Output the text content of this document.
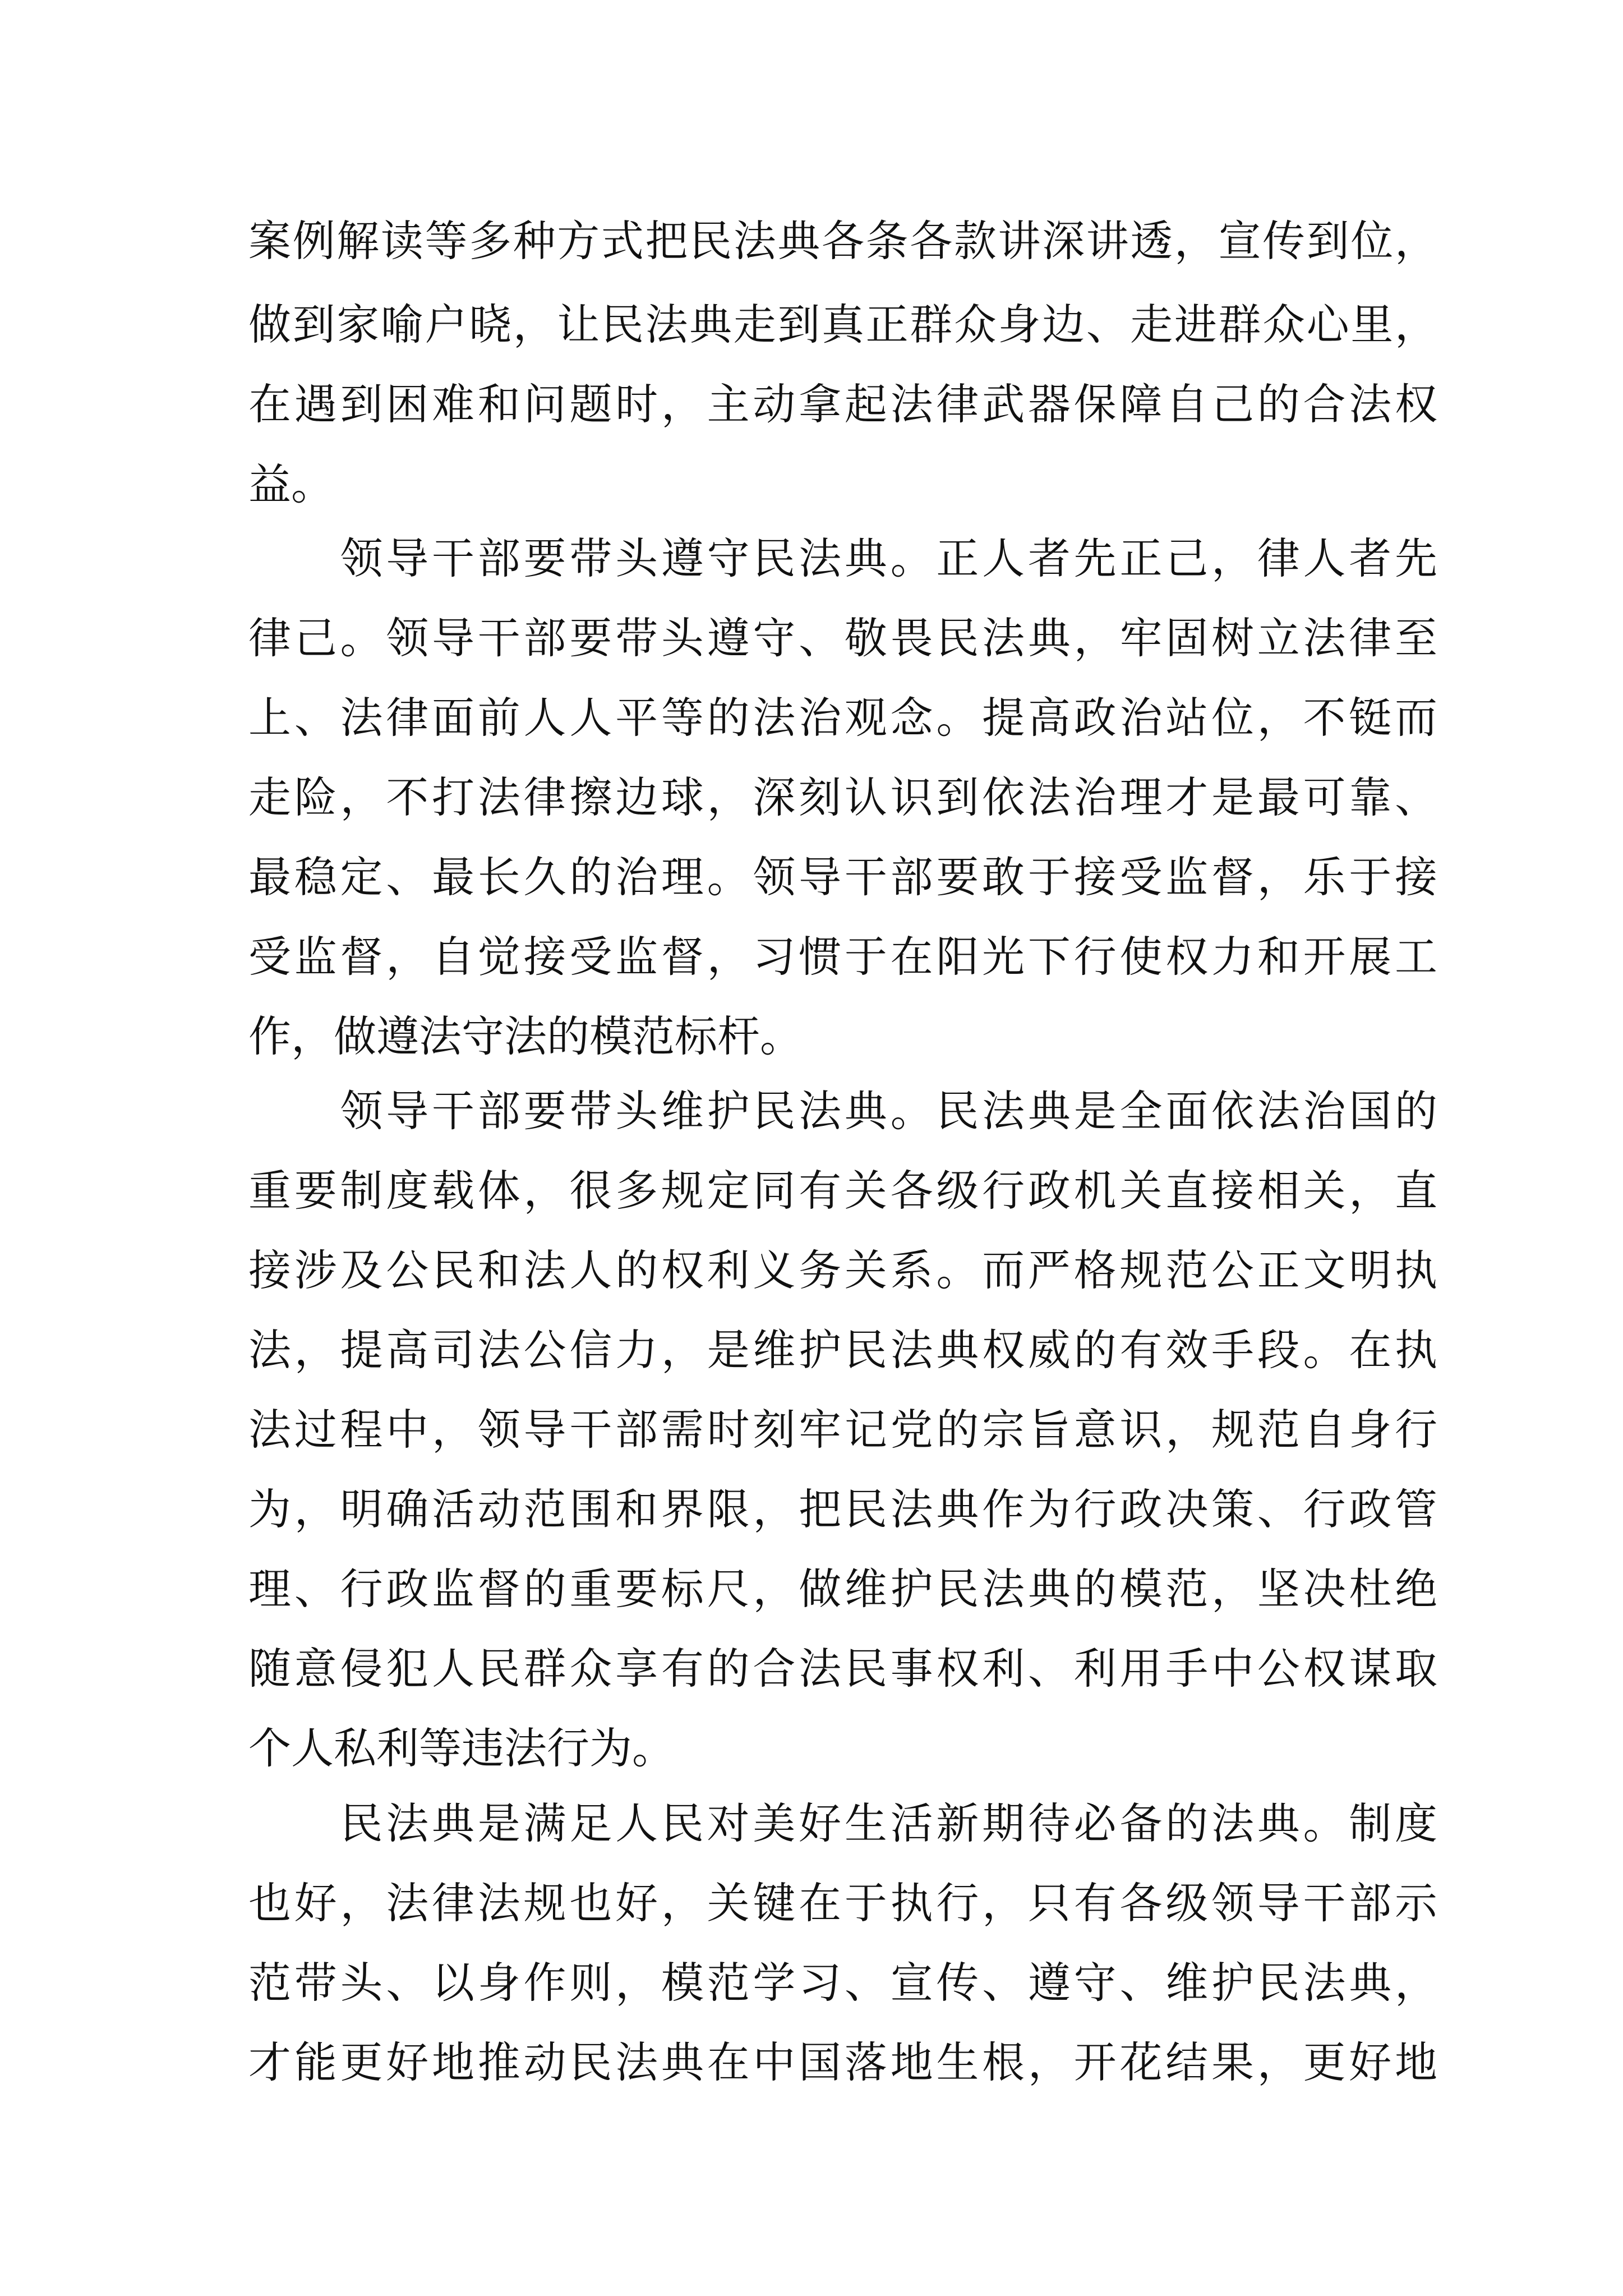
案例解读等多种方式把民法典各条各款讲深讲透，宣传到位，
做到家喻户晓，让民法典走到真正群众身边、走进群众心里，
在遇到困难和问题时，主动拿起法律武器保障自己的合法权
益。
　　领导干部要带头遵守民法典。正人者先正己，律人者先
律己。领导干部要带头遵守、敬畏民法典，牢固树立法律至
上、法律面前人人平等的法治观念。提高政治站位，不铤而
走险，不打法律擦边球，深刻认识到依法治理才是最可靠、
最稳定、最长久的治理。领导干部要敢于接受监督，乐于接
受监督，自觉接受监督，习惯于在阳光下行使权力和开展工
作，做遵法守法的模范标杆。
　　领导干部要带头维护民法典。民法典是全面依法治国的
重要制度载体，很多规定同有关各级行政机关直接相关，直
接涉及公民和法人的权利义务关系。而严格规范公正文明执
法，提高司法公信力，是维护民法典权威的有效手段。在执
法过程中，领导干部需时刻牢记党的宗旨意识，规范自身行
为，明确活动范围和界限，把民法典作为行政决策、行政管
理、行政监督的重要标尺，做维护民法典的模范，坚决杜绝
随意侵犯人民群众享有的合法民事权利、利用手中公权谋取
个人私利等违法行为。
　　民法典是满足人民对美好生活新期待必备的法典。制度
也好，法律法规也好，关键在于执行，只有各级领导干部示
范带头、以身作则，模范学习、宣传、遵守、维护民法典，
才能更好地推动民法典在中国落地生根，开花结果，更好地
